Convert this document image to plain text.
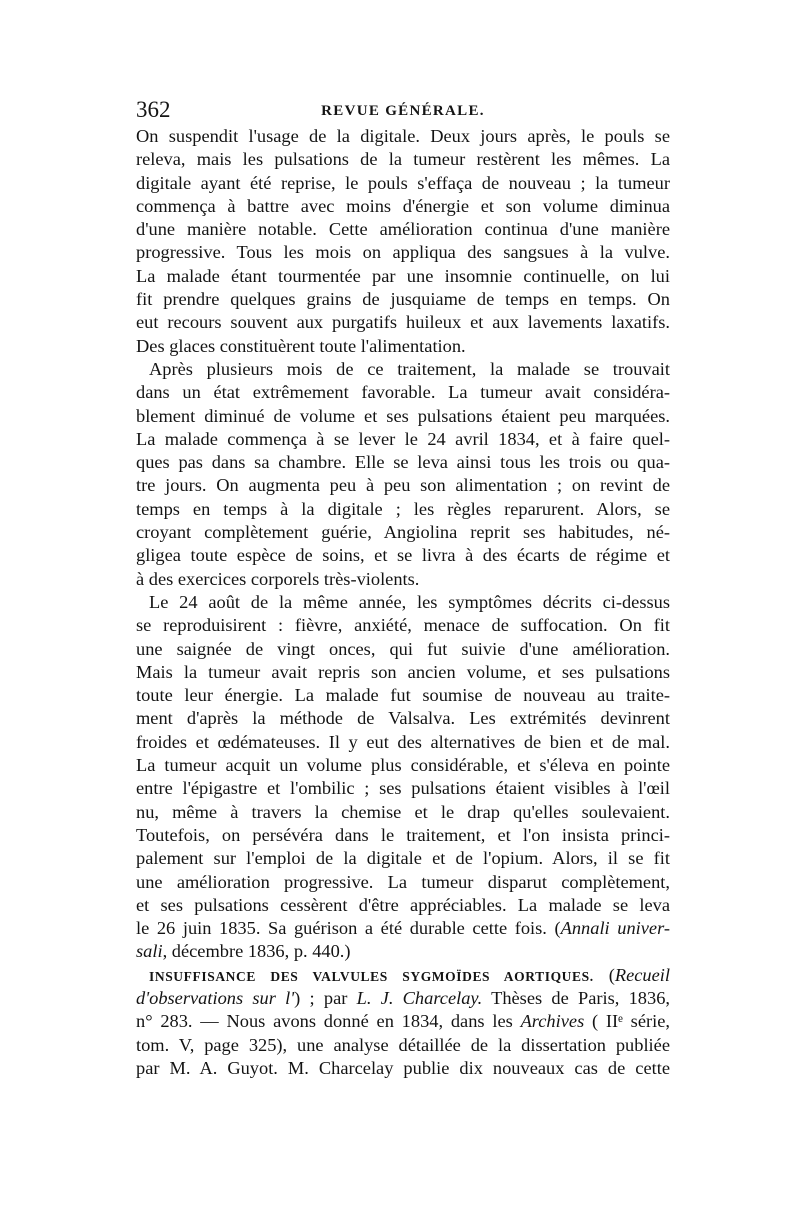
362	REVUE GÉNÉRALE.
On suspendit l'usage de la digitale. Deux jours après, le pouls se
releva, mais les pulsations de la tumeur restèrent les mêmes. La
digitale ayant été reprise, le pouls s'effaça de nouveau ; la tumeur
commença à battre avec moins d'énergie et son volume diminua
d'une manière notable. Cette amélioration continua d'une manière
progressive. Tous les mois on appliqua des sangsues à la vulve.
La malade étant tourmentée par une insomnie continuelle, on lui
fit prendre quelques grains de jusquiame de temps en temps. On
eut recours souvent aux purgatifs huileux et aux lavements laxatifs.
Des glaces constituèrent toute l'alimentation.
Après plusieurs mois de ce traitement, la malade se trouvait
dans un état extrêmement favorable. La tumeur avait considéra-
blement diminué de volume et ses pulsations étaient peu marquées.
La malade commença à se lever le 24 avril 1834, et à faire quel-
ques pas dans sa chambre. Elle se leva ainsi tous les trois ou qua-
tre jours. On augmenta peu à peu son alimentation ; on revint de
temps en temps à la digitale ; les règles reparurent. Alors, se
croyant complètement guérie, Angiolina reprit ses habitudes, né-
gligea toute espèce de soins, et se livra à des écarts de régime et
à des exercices corporels très-violents.
Le 24 août de la même année, les symptômes décrits ci-dessus
se reproduisirent : fièvre, anxiété, menace de suffocation. On fit
une saignée de vingt onces, qui fut suivie d'une amélioration.
Mais la tumeur avait repris son ancien volume, et ses pulsations
toute leur énergie. La malade fut soumise de nouveau au traite-
ment d'après la méthode de Valsalva. Les extrémités devinrent
froides et œdémateuses. Il y eut des alternatives de bien et de mal.
La tumeur acquit un volume plus considérable, et s'éleva en pointe
entre l'épigastre et l'ombilic ; ses pulsations étaient visibles à l'œil
nu, même à travers la chemise et le drap qu'elles soulevaient.
Toutefois, on persévéra dans le traitement, et l'on insista princi-
palement sur l'emploi de la digitale et de l'opium. Alors, il se fit
une amélioration progressive. La tumeur disparut complètement,
et ses pulsations cessèrent d'être appréciables. La malade se leva
le 26 juin 1835. Sa guérison a été durable cette fois. (Annali univer-
sali, décembre 1836, p. 440.)
INSUFFISANCE DES VALVULES SYGMOÏDES AORTIQUES. (Recueil
d'observations sur l') ; par L. J. Charcelay. Thèses de Paris, 1836,
n° 283. — Nous avons donné en 1834, dans les Archives ( IIᵉ série,
tom. V, page 325), une analyse détaillée de la dissertation publiée
par M. A. Guyot. M. Charcelay publie dix nouveaux cas de cette
